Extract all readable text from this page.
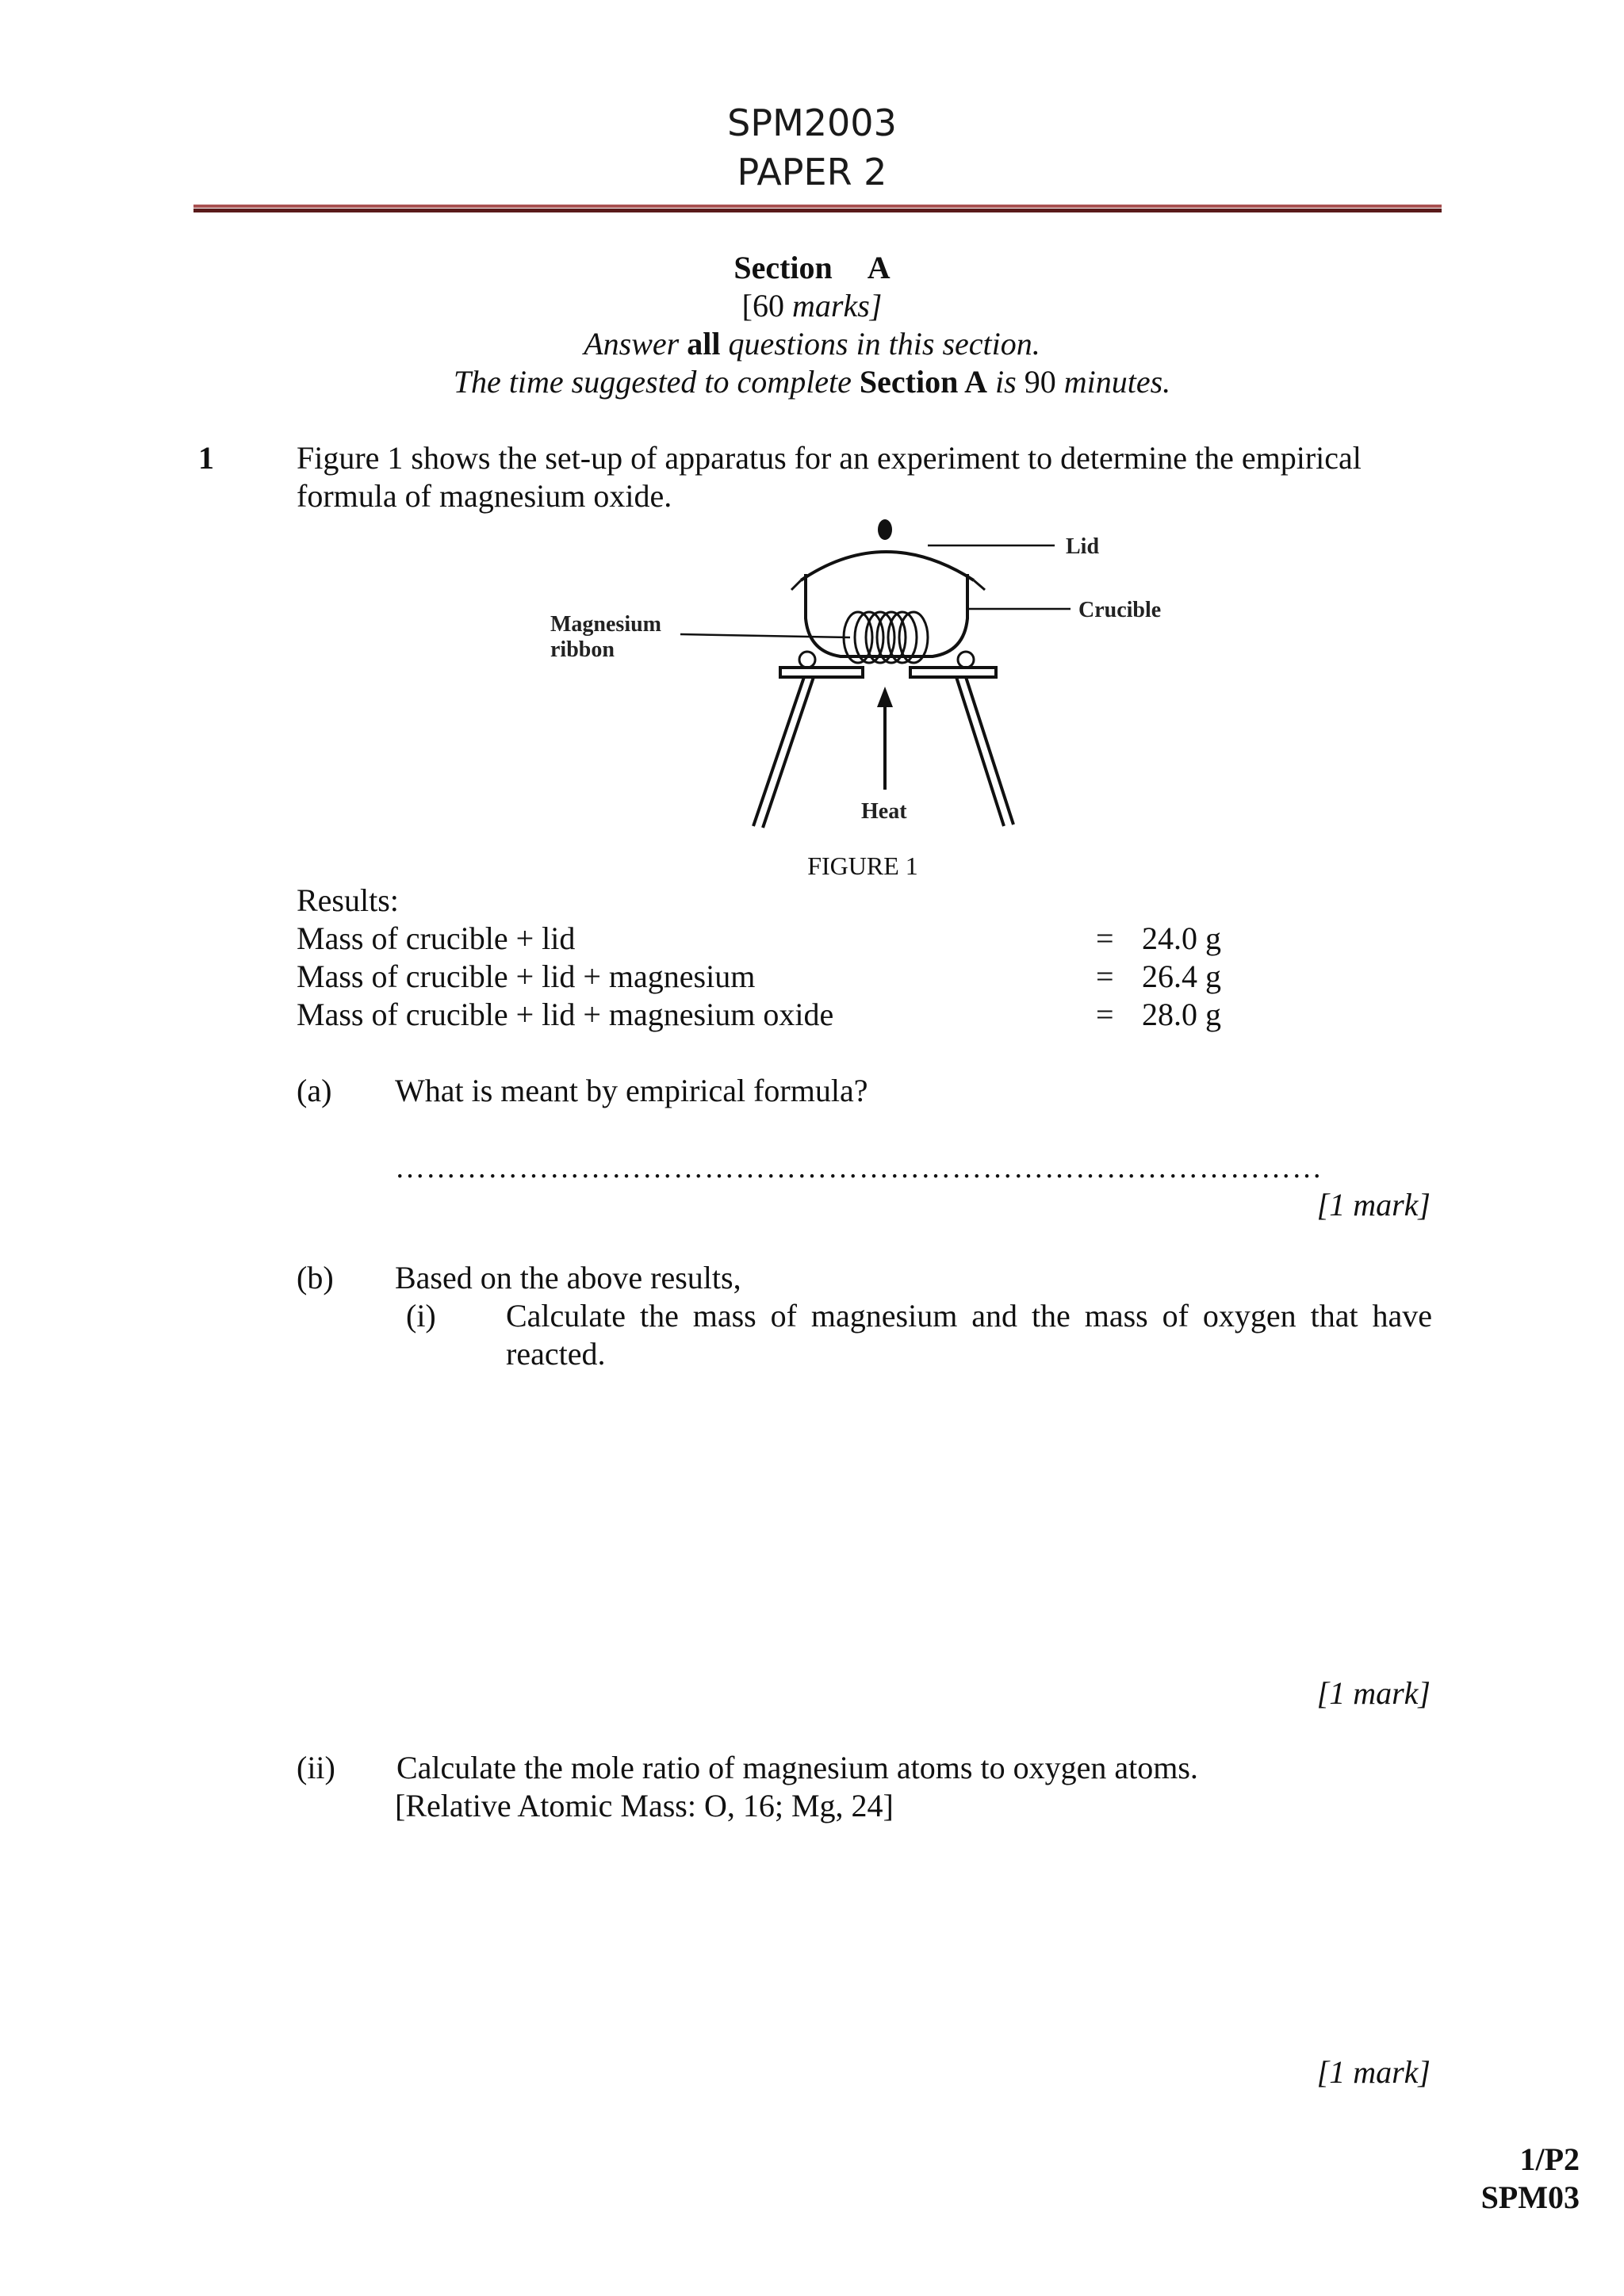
SPM2003
PAPER 2
Section A
[60 marks]
Answer all questions in this section.
The time suggested to complete Section A is 90 minutes.
1	Figure 1 shows the set-up of apparatus for an experiment to determine the empirical
formula of magnesium oxide.
Lid
Crucible
Magnesium
ribbon
Heat
FIGURE 1
Results:
Mass of crucible + lid	= 24.0 g
Mass of crucible + lid + magnesium	= 26.4 g
Mass of crucible + lid + magnesium oxide	= 28.0 g
(a) What is meant by empirical formula?
………………………………………………………………………………
[1 mark]
(b) Based on the above results,
(i) Calculate the mass of magnesium and the mass of oxygen that have
reacted.
[1 mark]
(ii) Calculate the mole ratio of magnesium atoms to oxygen atoms.
[Relative Atomic Mass: O, 16; Mg, 24]
[1 mark]
1/P2
SPM03
